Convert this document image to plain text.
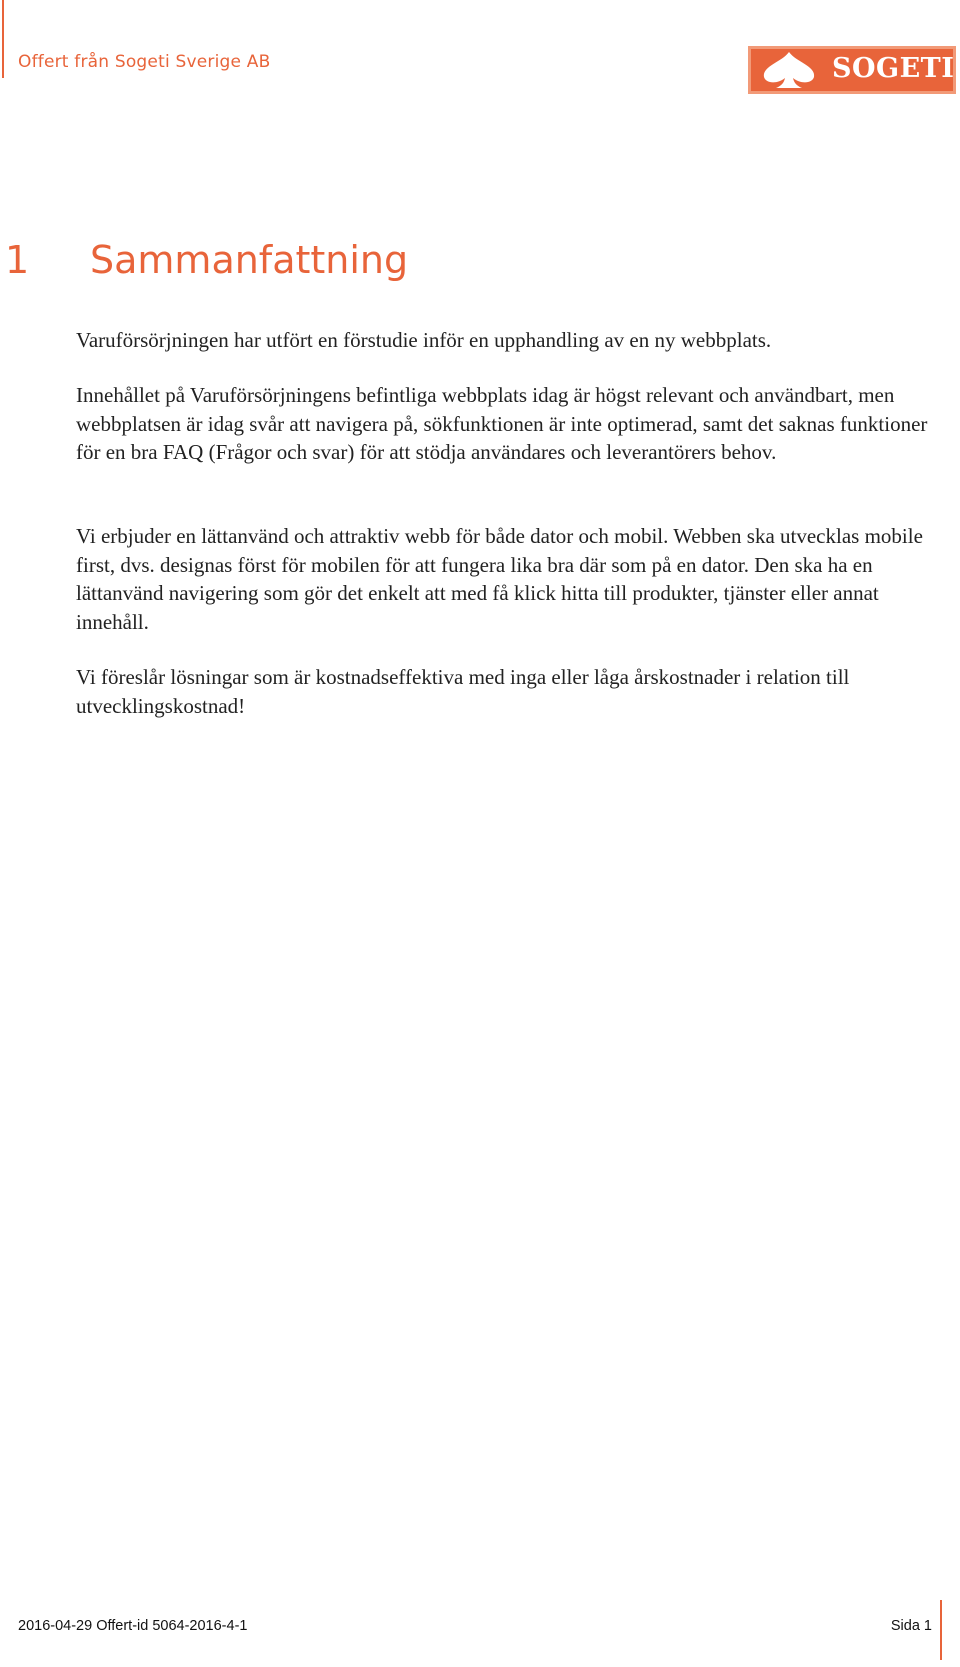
Offert från Sogeti Sverige AB	SOGETI
1 Sammanfattning

Varuförsörjningen har utfört en förstudie inför en upphandling av en ny webbplats.

Innehållet på Varuförsörjningens befintliga webbplats idag är högst relevant och användbart, men webbplatsen är idag svår att navigera på, sökfunktionen är inte optimerad, samt det saknas funktioner för en bra FAQ (Frågor och svar) för att stödja användares och leverantörers behov.

Vi erbjuder en lättanvänd och attraktiv webb för både dator och mobil. Webben ska utvecklas mobile first, dvs. designas först för mobilen för att fungera lika bra där som på en dator. Den ska ha en lättanvänd navigering som gör det enkelt att med få klick hitta till produkter, tjänster eller annat innehåll.

Vi föreslår lösningar som är kostnadseffektiva med inga eller låga årskostnader i relation till utvecklingskostnad!

2016-04-29 Offert-id 5064-2016-4-1	Sida 1
